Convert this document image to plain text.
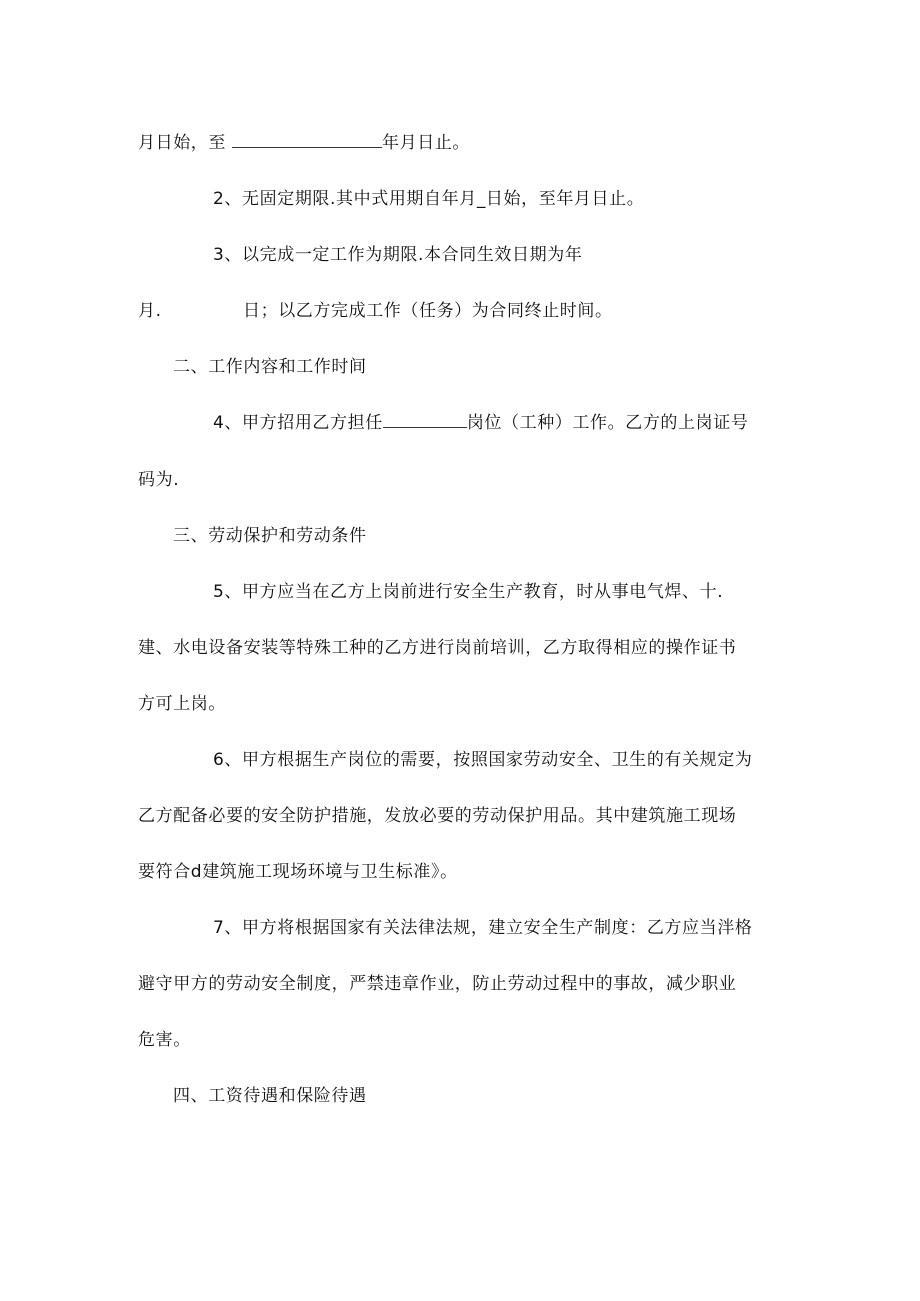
月日始，至	年月日止。
2、无固定期限.其中式用期自年月_日始，至年月日止。
3、以完成一定工作为期限.本合同生效日期为年
月.	日；以乙方完成工作（任务）为合同终止时间。
二、工作内容和工作时间
4、甲方招用乙方担任	岗位（工种）工作。乙方的上岗证号
码为.
三、劳动保护和劳动条件
5、甲方应当在乙方上岗前进行安全生产教育，时从事电气焊、十.
建、水电设备安装等特殊工种的乙方进行岗前培训，乙方取得相应的操作证书
方可上岗。
6、甲方根据生产岗位的需要，按照国家劳动安全、卫生的有关规定为
乙方配备必要的安全防护措施，发放必要的劳动保护用品。其中建筑施工现场
要符合d建筑施工现场环境与卫生标准》。
7、甲方将根据国家有关法律法规，建立安全生产制度：乙方应当泮格
避守甲方的劳动安全制度，严禁违章作业，防止劳动过程中的事故，减少职业
危害。
四、工资待遇和保险待遇
